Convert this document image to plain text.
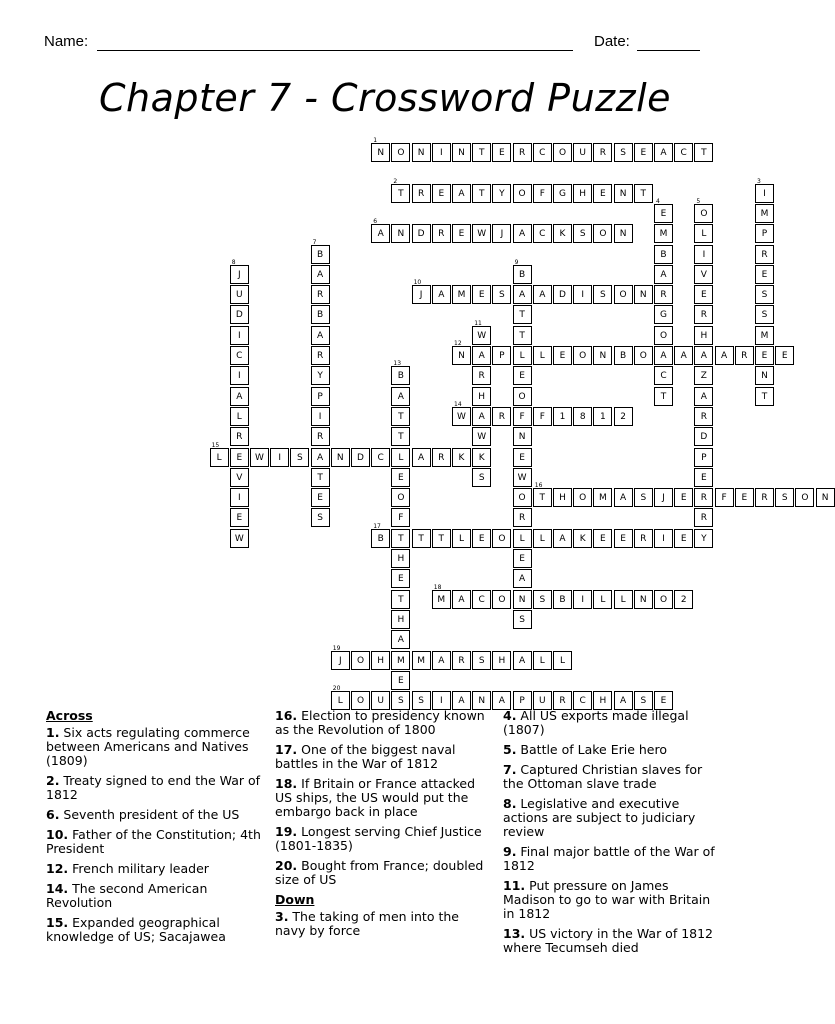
Name:	Date:
Chapter 7 - Crossword Puzzle
N
1
O	N	I	N	T	E	R	C	O	U	R	S	E	A	C	T
T
2
R	E	A	T	Y	O	F	G	H	E	N	T	I
3
M
P
R
E
S
S
M
E
N
T
E
4
M
B
A
R
G
O
A
C
T
O
5
L
I
V
E
R
H
A
Z
A
R
D
P
E
R
R
Y
A
6
N	D	R	E	W	J	A	C	K	S	O	N
B
7
A
R
B
A
R
Y
P
I
R
A
T
E
S
J
8
U
D
I
C
I
A
L
R
E
V
I
E
W
B
9
A
T
T
L
E
O
F
N
E
W
O
R
L
E
A
N
S
J
10
A	M	E	S	A	D	I	S	O	N
W
11
A
R
H
A
W
K
S
N
12
P	L	E	O	N	B	O	A	A	R	E
B
13
A
T
T
L
E
O
F
T
H
E
T
H
A
M
E
S
W
14
R	F	1	8	1	2
L
15
W	I	S	N	D	C	A	R	K
T
16
H	O	M	A	S	J	E	F	E	R	S	O	N
B
17
T	T	L	E	O	L	A	K	E	E	R	I	E
M
18
A	C	O	S	B	I	L	L	N	O	2
J
19
O	H	M	A	R	S	H	A	L	L
L
20
O	U	S	I	A	N	A	P	U	R	C	H	A	S	E
Across
1. Six acts regulating commerce between Americans and Natives (1809)
2. Treaty signed to end the War of 1812
6. Seventh president of the US
10. Father of the Constitution; 4th President
12. French military leader
14. The second American Revolution
15. Expanded geographical knowledge of US; Sacajawea
16. Election to presidency known as the Revolution of 1800
17. One of the biggest naval battles in the War of 1812
18. If Britain or France attacked US ships, the US would put the embargo back in place
19. Longest serving Chief Justice (1801-1835)
20. Bought from France; doubled size of US
Down
3. The taking of men into the navy by force
4. All US exports made illegal (1807)
5. Battle of Lake Erie hero
7. Captured Christian slaves for the Ottoman slave trade
8. Legislative and executive actions are subject to judiciary review
9. Final major battle of the War of 1812
11. Put pressure on James Madison to go to war with Britain in 1812
13. US victory in the War of 1812 where Tecumseh died
